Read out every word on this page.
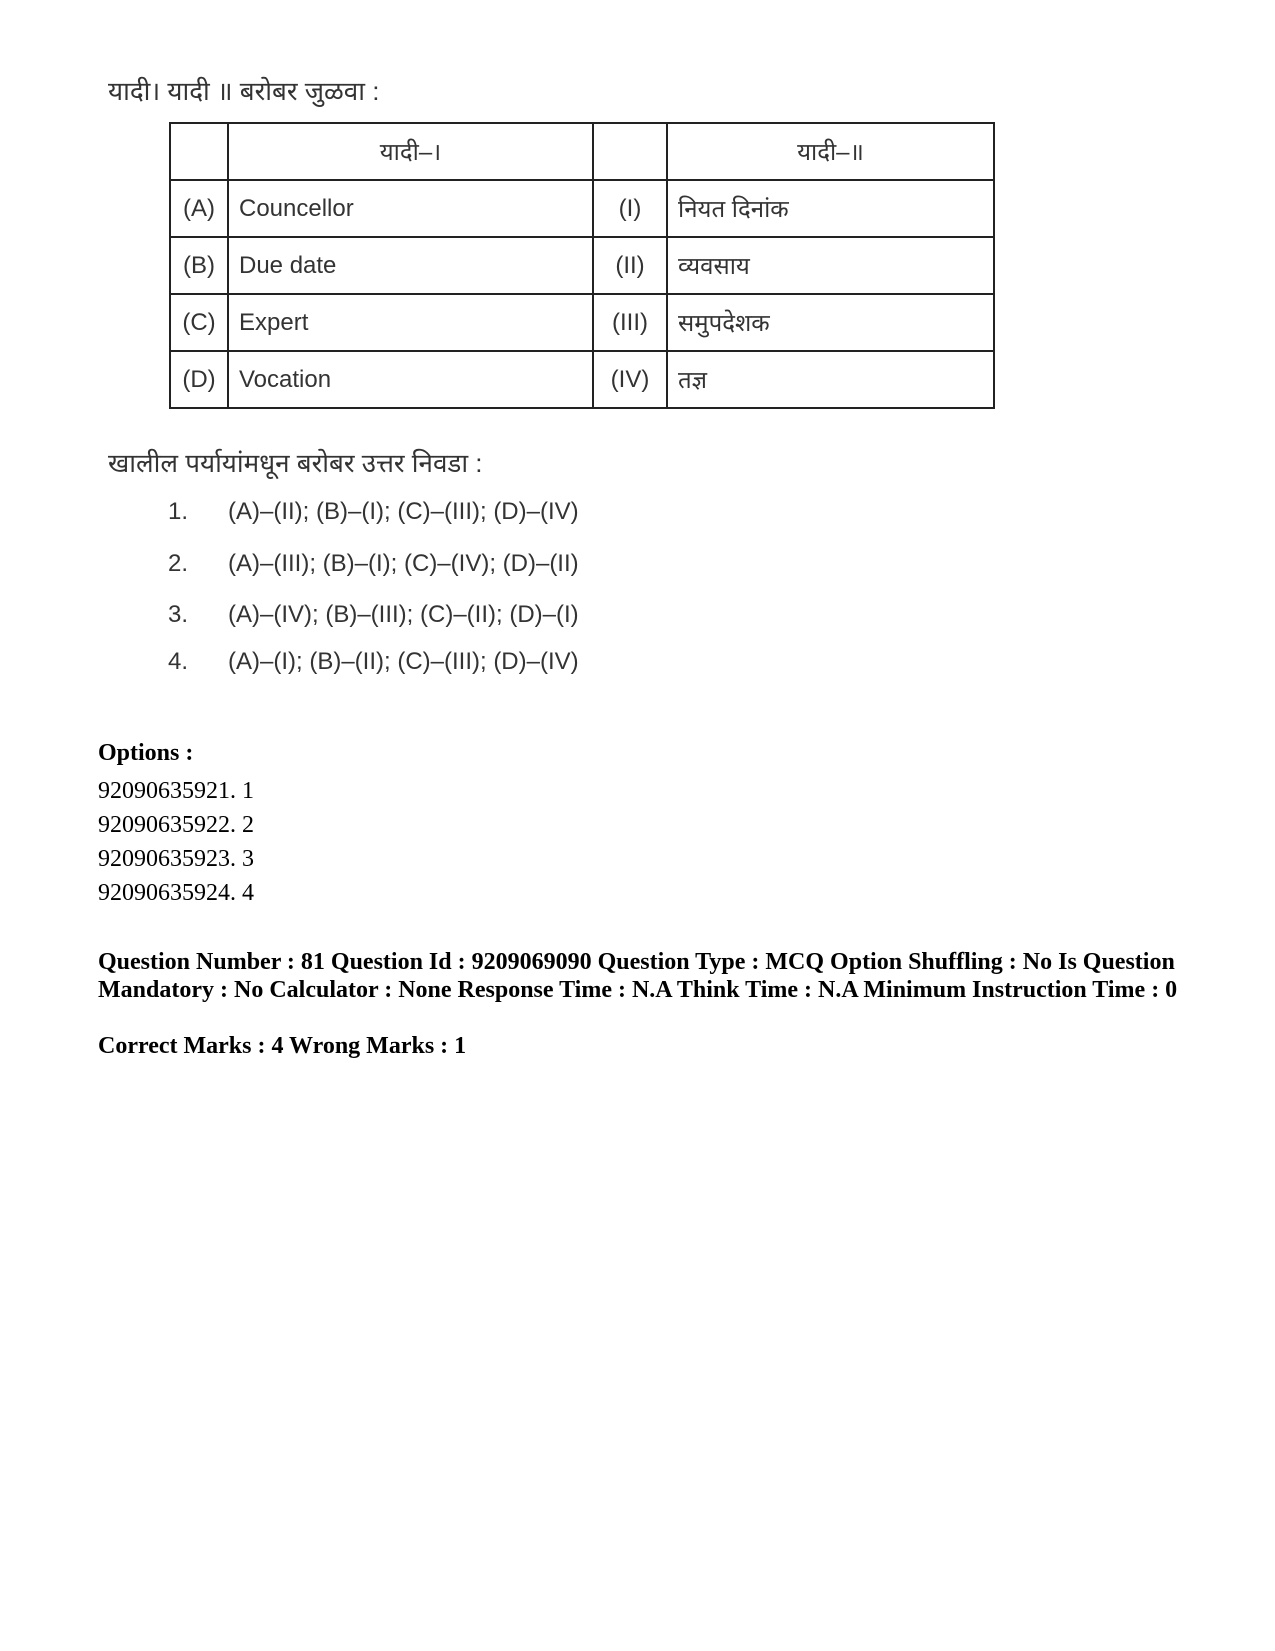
यादी। यादी ॥ बरोबर जुळवा :
	यादी–।		यादी–॥
(A)	Councellor	(I)	नियत दिनांक
(B)	Due date	(II)	व्यवसाय
(C)	Expert	(III)	समुपदेशक
(D)	Vocation	(IV)	तज्ञ
खालील पर्यायांमधून बरोबर उत्तर निवडा :
1. (A)–(II); (B)–(I); (C)–(III); (D)–(IV)
2. (A)–(III); (B)–(I); (C)–(IV); (D)–(II)
3. (A)–(IV); (B)–(III); (C)–(II); (D)–(I)
4. (A)–(I); (B)–(II); (C)–(III); (D)–(IV)
Options :
92090635921. 1
92090635922. 2
92090635923. 3
92090635924. 4
Question Number : 81 Question Id : 9209069090 Question Type : MCQ Option Shuffling : No Is Question Mandatory : No Calculator : None Response Time : N.A Think Time : N.A Minimum Instruction Time : 0
Correct Marks : 4 Wrong Marks : 1
